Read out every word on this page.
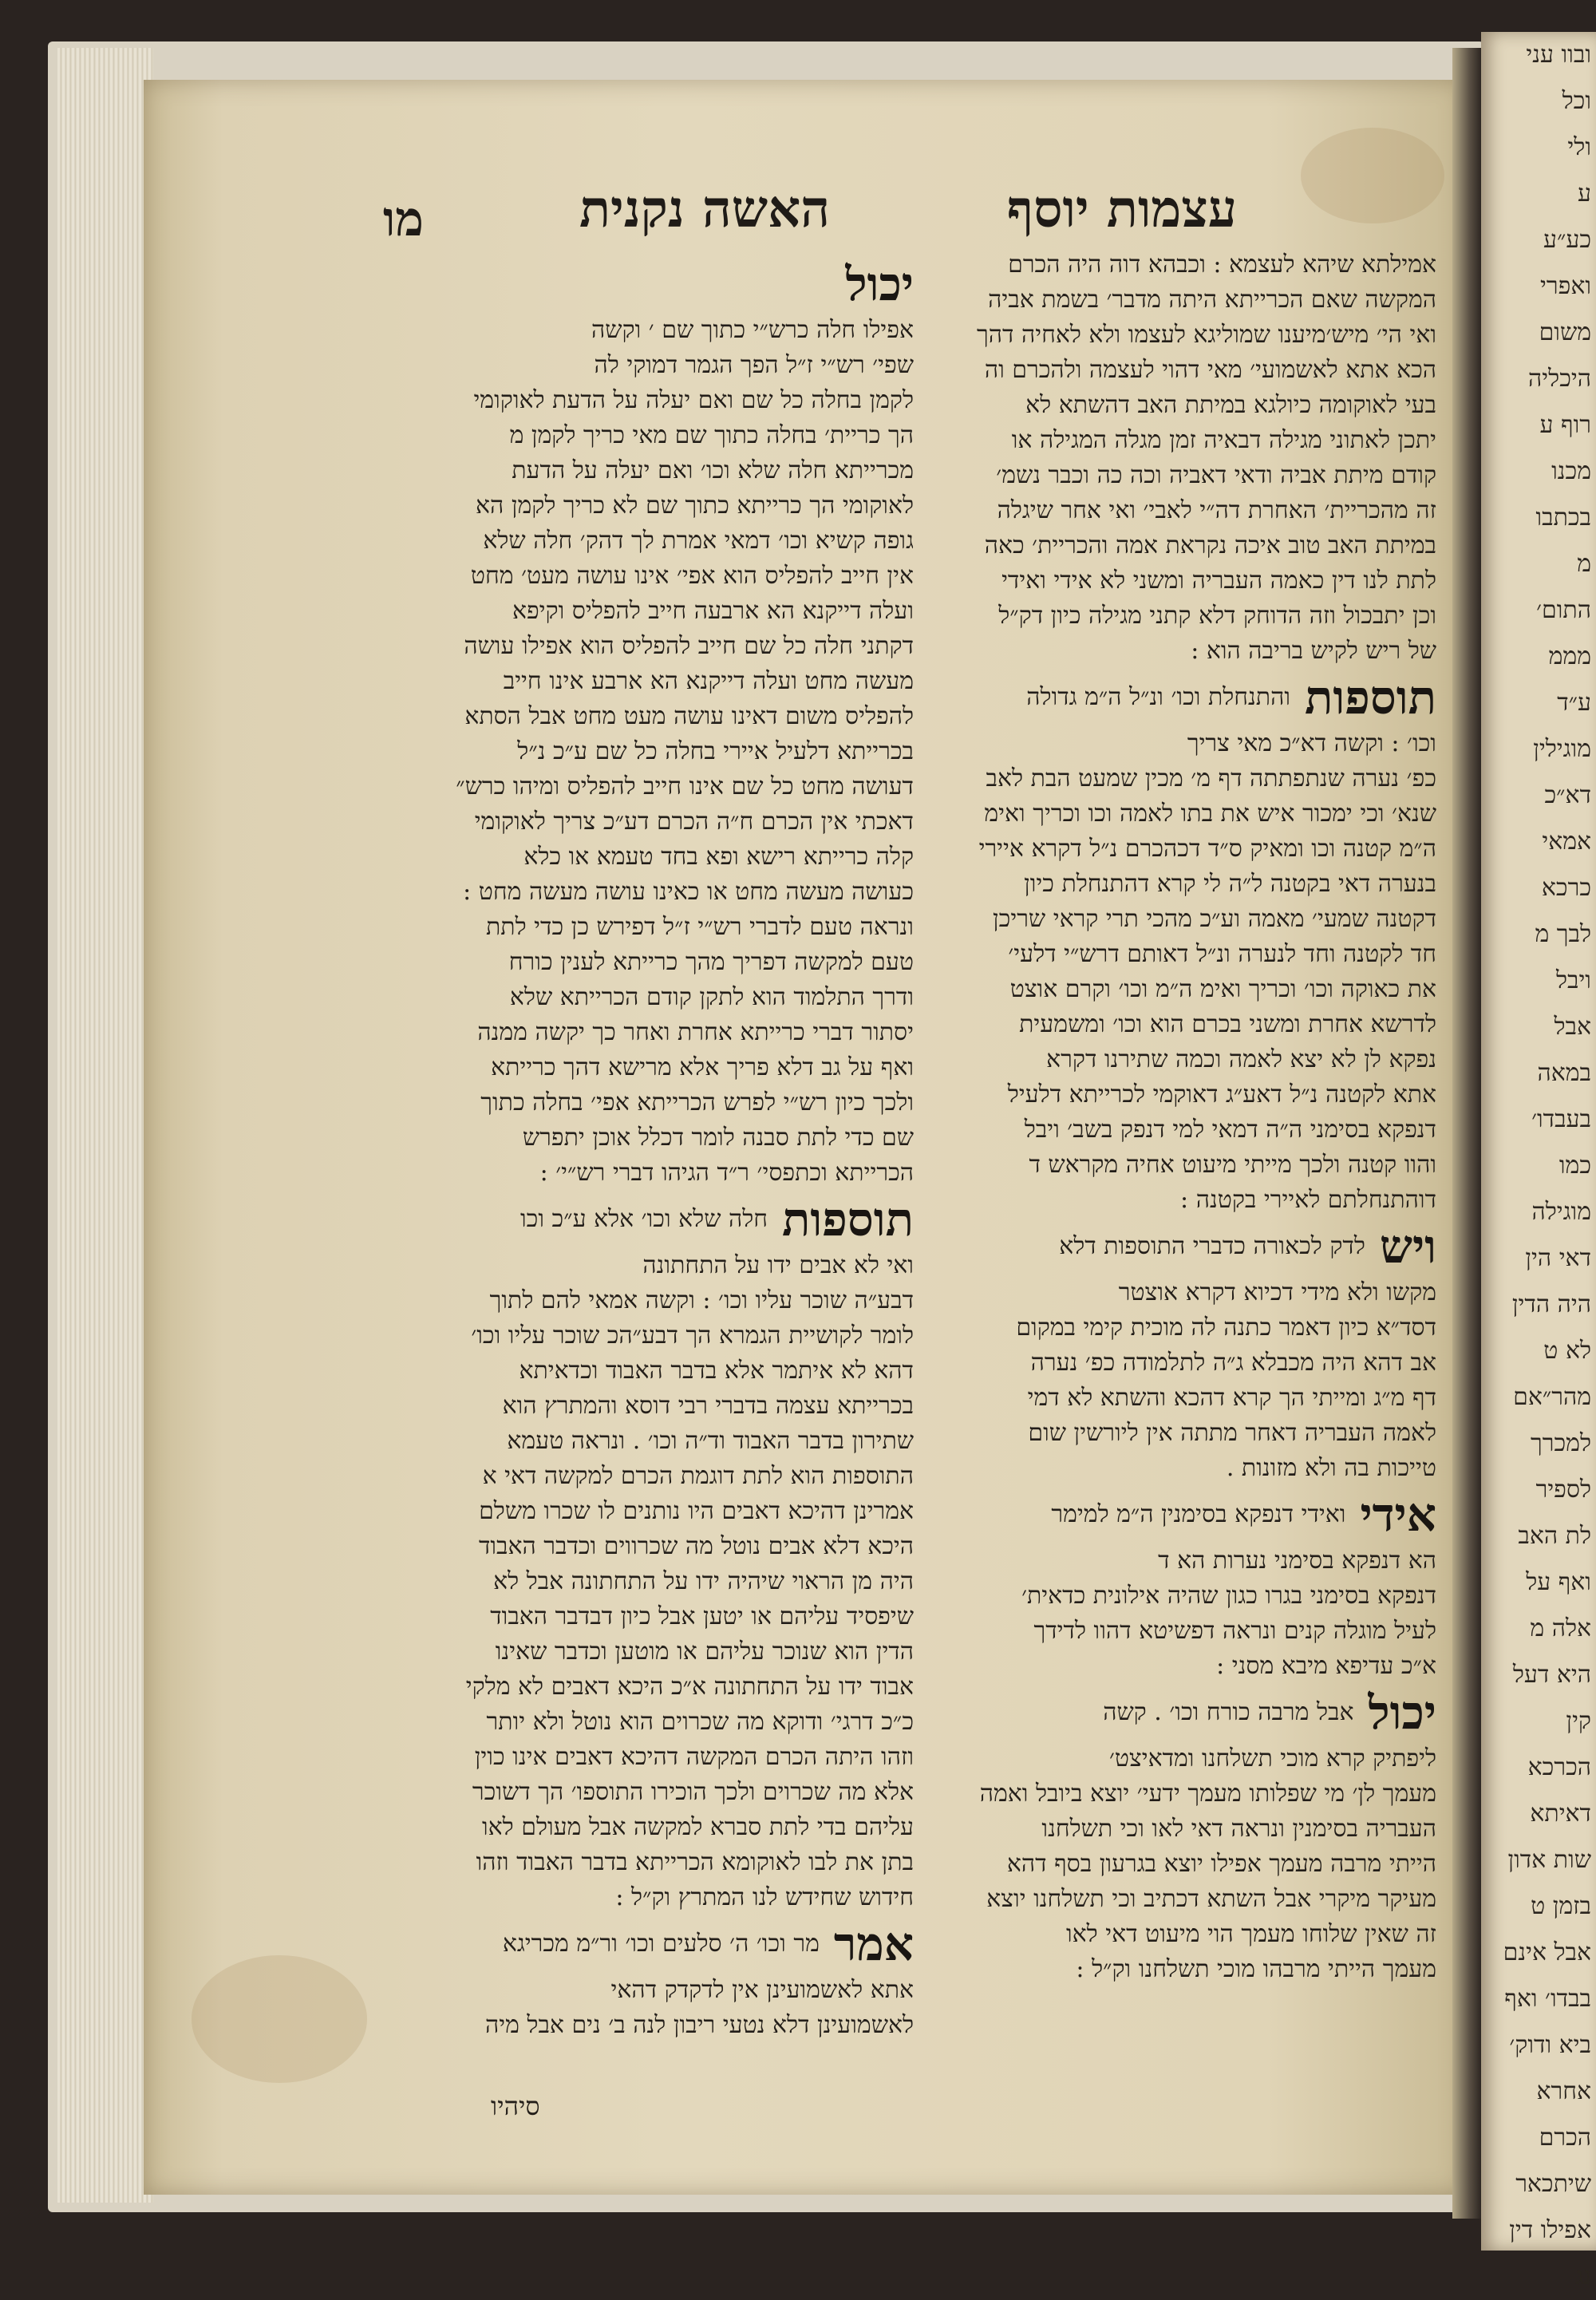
מו	האשה נקנית	עצמות יוסף
יכול
אפילו חלה כרש״י כתוך שם ׳ וקשה
שפי׳ רש״י ז״ל הפך הגמר דמוקי לה
לקמן בחלה כל שם ואם יעלה על הדעת לאוקומי
הך כריית׳ בחלה כתוך שם מאי כריך לקמן מ
מכרייתא חלה שלא וכו׳ ואם יעלה על הדעת
לאוקומי הך כרייתא כתוך שם לא כריך לקמן הא
גופה קשיא וכו׳ דמאי אמרת לך דהק׳ חלה שלא
אין חייב להפליס הוא אפי׳ אינו עושה מעט׳ מחט
ועלה דייקנא הא ארבעה חייב להפליס וקיפא
דקתני חלה כל שם חייב להפליס הוא אפילו עושה
מעשה מחט ועלה דייקנא הא ארבע אינו חייב
להפליס משום דאינו עושה מעט מחט אבל הסתא
בכרייתא דלעיל איירי בחלה כל שם ע״כ נ״ל
דעושה מחט כל שם אינו חייב להפליס ומיהו כרש״
דאכתי אין הכרם ח״ה הכרם דע״כ צריך לאוקומי
קלה כרייתא רישא ופא בחד טעמא או כלא
כעושה מעשה מחט או כאינו עושה מעשה מחט :
ונראה טעם לדברי רש״י ז״ל דפירש כן כדי לתת
טעם למקשה דפריך מהך כרייתא לענין כורח
ודרך התלמוד הוא לתקן קודם הכרייתא שלא
יסתור דברי כרייתא אחרת ואחר כך יקשה ממנה
ואף על גב דלא פריך אלא מרישא דהך כרייתא
ולכך כיון רש״י לפרש הכרייתא אפי׳ בחלה כתוך
שם כדי לתת סבנה לומר דכלל אוכן יתפרש
הכרייתא וכתפסי׳ ר״ד הגיהו דברי רש״י׳ :
תוספות
חלה שלא וכו׳ אלא ע״כ וכו
ואי לא אבים ידו על התחתונה
דבע״ה שוכר עליו וכו׳ : וקשה אמאי להם לתוך
לומר לקושיית הגמרא הך דבע״הכ שוכר עליו וכו׳
דהא לא איתמר אלא בדבר האבוד וכדאיתא
בכרייתא עצמה בדברי רבי דוסא והמתרץ הוא
שתירון בדבר האבוד וד״ה וכו׳ . ונראה טעמא
התוספות הוא לתת דוגמת הכרם למקשה דאי א
אמרינן דהיכא דאבים היו נותנים לו שכרו משלם
היכא דלא אבים נוטל מה שכרווים וכדבר האבוד
היה מן הראוי שיהיה ידו על התחתונה אבל לא
שיפסיד עליהם או יטען אבל כיון דבדבר האבוד
הדין הוא שנוכר עליהם או מוטען וכדבר שאינו
אבוד ידו על התחתונה א״כ היכא דאבים לא מלקי
כ״כ דרגי׳ ודוקא מה שכרוים הוא נוטל ולא יותר
וזהו היתה הכרם המקשה דהיכא דאבים אינו כוין
אלא מה שכרוים ולכך הוכירו התוספו׳ הך דשוכר
עליהם בדי לתת סברא למקשה אבל מעולם לאו
בתן את לבו לאוקומא הכרייתא בדבר האבוד וזהו
חידוש שחידש לנו המתרץ וק״ל :
אמר
מר וכו׳ ה׳ סלעים וכו׳ ור״מ מכריגא
אתא לאשמועינן אין לדקדק דהאי
לאשמועינן דלא נטעי ריבון לנה ב׳ נים אבל מיה
אמילתא שיהא לעצמא : וכבהא דוה היה הכרם
המקשה שאם הכרייתא היתה מדבר׳ בשמת אביה
ואי הי׳ מיש׳מיענו שמוליגא לעצמו ולא לאחיה דהך
הכא אתא לאשמועי׳ מאי דהוי לעצמה ולהכרם וה
בעי לאוקומה כיולגא במיתת האב דהשתא לא
יתכן לאתוני מגילה דבאיה זמן מגלה המגילה או
קודם מיתת אביה ודאי דאביה וכה כה וכבר נשמ׳
זה מהכריית׳ האחרת דה״י לאבי׳ ואי אחר שיגלה
במיתת האב טוב איכה נקראת אמה והכריית׳ כאה
לתת לנו דין כאמה העבריה ומשני לא אידי ואידי
וכן יתבכול וזה הדוחק דלא קתני מגילה כיון דק״ל
של ריש לקיש בריבה הוא :
תוספות
והתנחלת וכו׳ ונ״ל ה״מ גדולה
וכו׳ : וקשה דא״כ מאי צריך
כפ׳ נערה שנתפתתה דף מ׳ מכין שמעט הבת לאב
שנא׳ וכי ימכור איש את בתו לאמה וכו וכריך ואימ
ה״מ קטנה וכו ומאיק ס״ד דכהכרם נ״ל דקרא איירי
בנערה דאי בקטנה ל״ה לי קרא דהתנחלת כיון
דקטנה שמעי׳ מאמה וע״כ מהכי תרי קראי שריכן
חד לקטנה וחד לנערה ונ״ל דאותם דרש״י דלעי׳
את כאוקה וכו׳ וכריך ואימ ה״מ וכו׳ וקרם אוצט
לדרשא אחרת ומשני בכרם הוא וכו׳ ומשמעית
נפקא לן לא יצא לאמה וכמה שתירנו דקרא
אתא לקטנה נ״ל דאע״ג דאוקמי לכרייתא דלעיל
דנפקא בסימני ה״ה דמאי למי דנפק בשב׳ ויבל
והוו קטנה ולכך מייתי מיעוט אחיה מקראש ד
דוהתנחלתם לאיירי בקטנה :
ויש
לדק לכאורה כדברי התוספות דלא
מקשו ולא מידי דכיוא דקרא אוצטר
דסד״א כיון דאמר כתנה לה מוכית קימי במקום
אב דהא היה מכבלא ג״ה לתלמודה כפ׳ נערה
דף מ״ג ומייתי הך קרא דהכא והשתא לא דמי
לאמה העבריה דאחר מתתה אין ליורשין שום
טייכות בה ולא מזונות .
אידי
ואידי דנפקא בסימנין ה״מ למימר
הא דנפקא בסימני נערות הא ד
דנפקא בסימני בגרו כגון שהיה אילונית כדאית׳
לעיל מוגלה קנים ונראה דפשיטא דהוו לדידך
א״כ עדיפא מיבא מסני :
יכול
אבל מרבה כורח וכו׳ . קשה
ליפתיק קרא מוכי תשלחנו ומדאיצט׳
מעמך לן׳ מי שפלותו מעמך ידעי׳ יוצא ביובל ואמה
העבריה בסימנין ונראה דאי לאו וכי תשלחנו
הייתי מרבה מעמך אפילו יוצא בגרעון בסף דהא
מעיקר מיקרי אבל השתא דכתיב וכי תשלחנו יוצא
זה שאין שלוחו מעמך הוי מיעוט דאי לאו
מעמך הייתי מרבהו מוכי תשלחנו וק״ל :
סיהיו
ובוו עני
וכל
ולי
ע
כע״ע
ואפרי
משום
היכליה
רוף ע
מכנו
בכתבו
מ
התום׳
מממ
ע״ד
מוגילין
דא״כ
אמאי
כרכא
לבך מ
ויבל
אבל
במאה
בעבדו׳
כמו
מוגילה
דאי הין
היה הדין
לא ט
מהר״אם
למכרך
לספיר
לת האב
ואף על
אלה מ
היא דעל
קין
הכרכא
דאיתא
שות אדון
בזמן ט
אבל אינם
בבדו׳ ואף
ביא ודוק׳
אחרא
הכרם
שיתכאר
אפילו דין
נג
